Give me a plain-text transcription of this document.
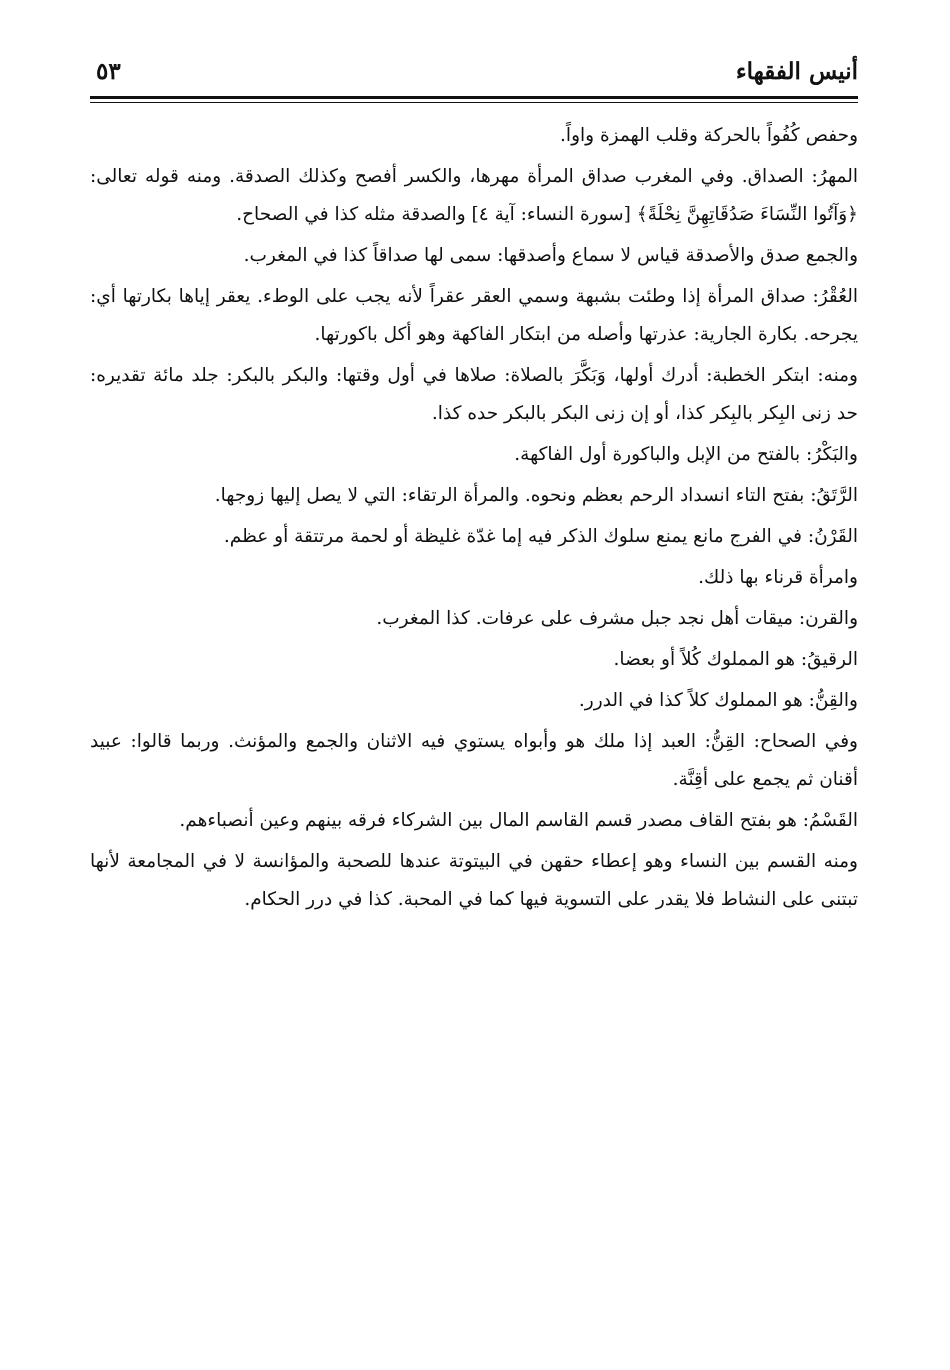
أنيس الفقهاء
٥٣

وحفص كُفُواً بالحركة وقلب الهمزة واواً.

المهرُ: الصداق. وفي المغرب صداق المرأة مهرها، والكسر أفصح وكذلك الصدقة. ومنه قوله تعالى: ﴿وَآتُوا النِّسَاءَ صَدُقَاتِهِنَّ نِحْلَةً﴾ [سورة النساء: آية ٤] والصدقة مثله كذا في الصحاح.

والجمع صدق والأصدقة قياس لا سماع وأصدقها: سمى لها صداقاً كذا في المغرب.

العُقْرُ: صداق المرأة إذا وطئت بشبهة وسمي العقر عقراً لأنه يجب على الوطء. يعقر إياها بكارتها أي: يجرحه. بكارة الجارية: عذرتها وأصله من ابتكار الفاكهة وهو أكل باكورتها.

ومنه: ابتكر الخطبة: أدرك أولها، وَبَكَّرَ بالصلاة: صلاها في أول وقتها: والبكر بالبكر: جلد مائة تقديره: حد زنى البِكر بالبِكر كذا، أو إن زنى البكر بالبكر حده كذا.

والبَكْرُ: بالفتح من الإبل والباكورة أول الفاكهة.

الرَّتَقُ: بفتح التاء انسداد الرحم بعظم ونحوه. والمرأة الرتقاء: التي لا يصل إليها زوجها.

القَرْنُ: في الفرج مانع يمنع سلوك الذكر فيه إما غدّة غليظة أو لحمة مرتتقة أو عظم.

وامرأة قرناء بها ذلك.

والقرن: ميقات أهل نجد جبل مشرف على عرفات. كذا المغرب.

الرقيقُ: هو المملوك كُلاً أو بعضا.

والقِنُّ: هو المملوك كلاً كذا في الدرر.

وفي الصحاح: القِنُّ: العبد إذا ملك هو وأبواه يستوي فيه الاثنان والجمع والمؤنث. وربما قالوا: عبيد أقنان ثم يجمع على أقِنَّة.

القَسْمُ: هو بفتح القاف مصدر قسم القاسم المال بين الشركاء فرقه بينهم وعين أنصباءهم.

ومنه القسم بين النساء وهو إعطاء حقهن في البيتوتة عندها للصحبة والمؤانسة لا في المجامعة لأنها تبتنى على النشاط فلا يقدر على التسوية فيها كما في المحبة. كذا في درر الحكام.
